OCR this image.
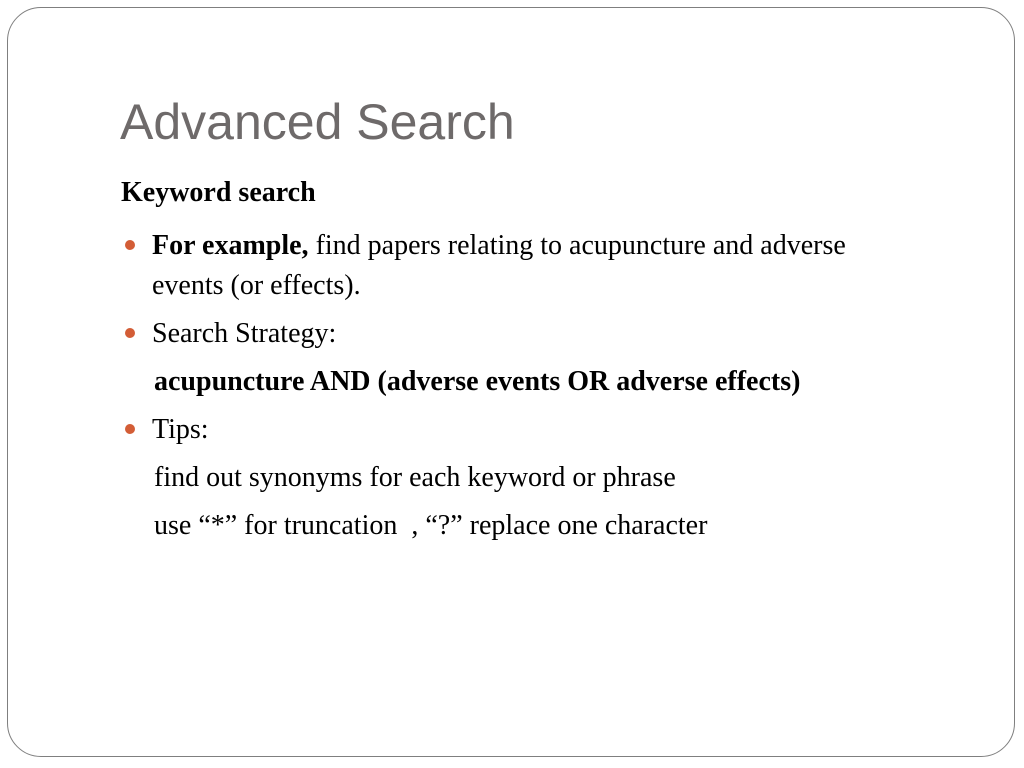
Advanced Search
Keyword search
For example, find papers relating to acupuncture and adverse events (or effects).
Search Strategy:
acupuncture AND (adverse events OR adverse effects)
Tips:
find out synonyms for each keyword or phrase
use “*” for truncation  , “?” replace one character
